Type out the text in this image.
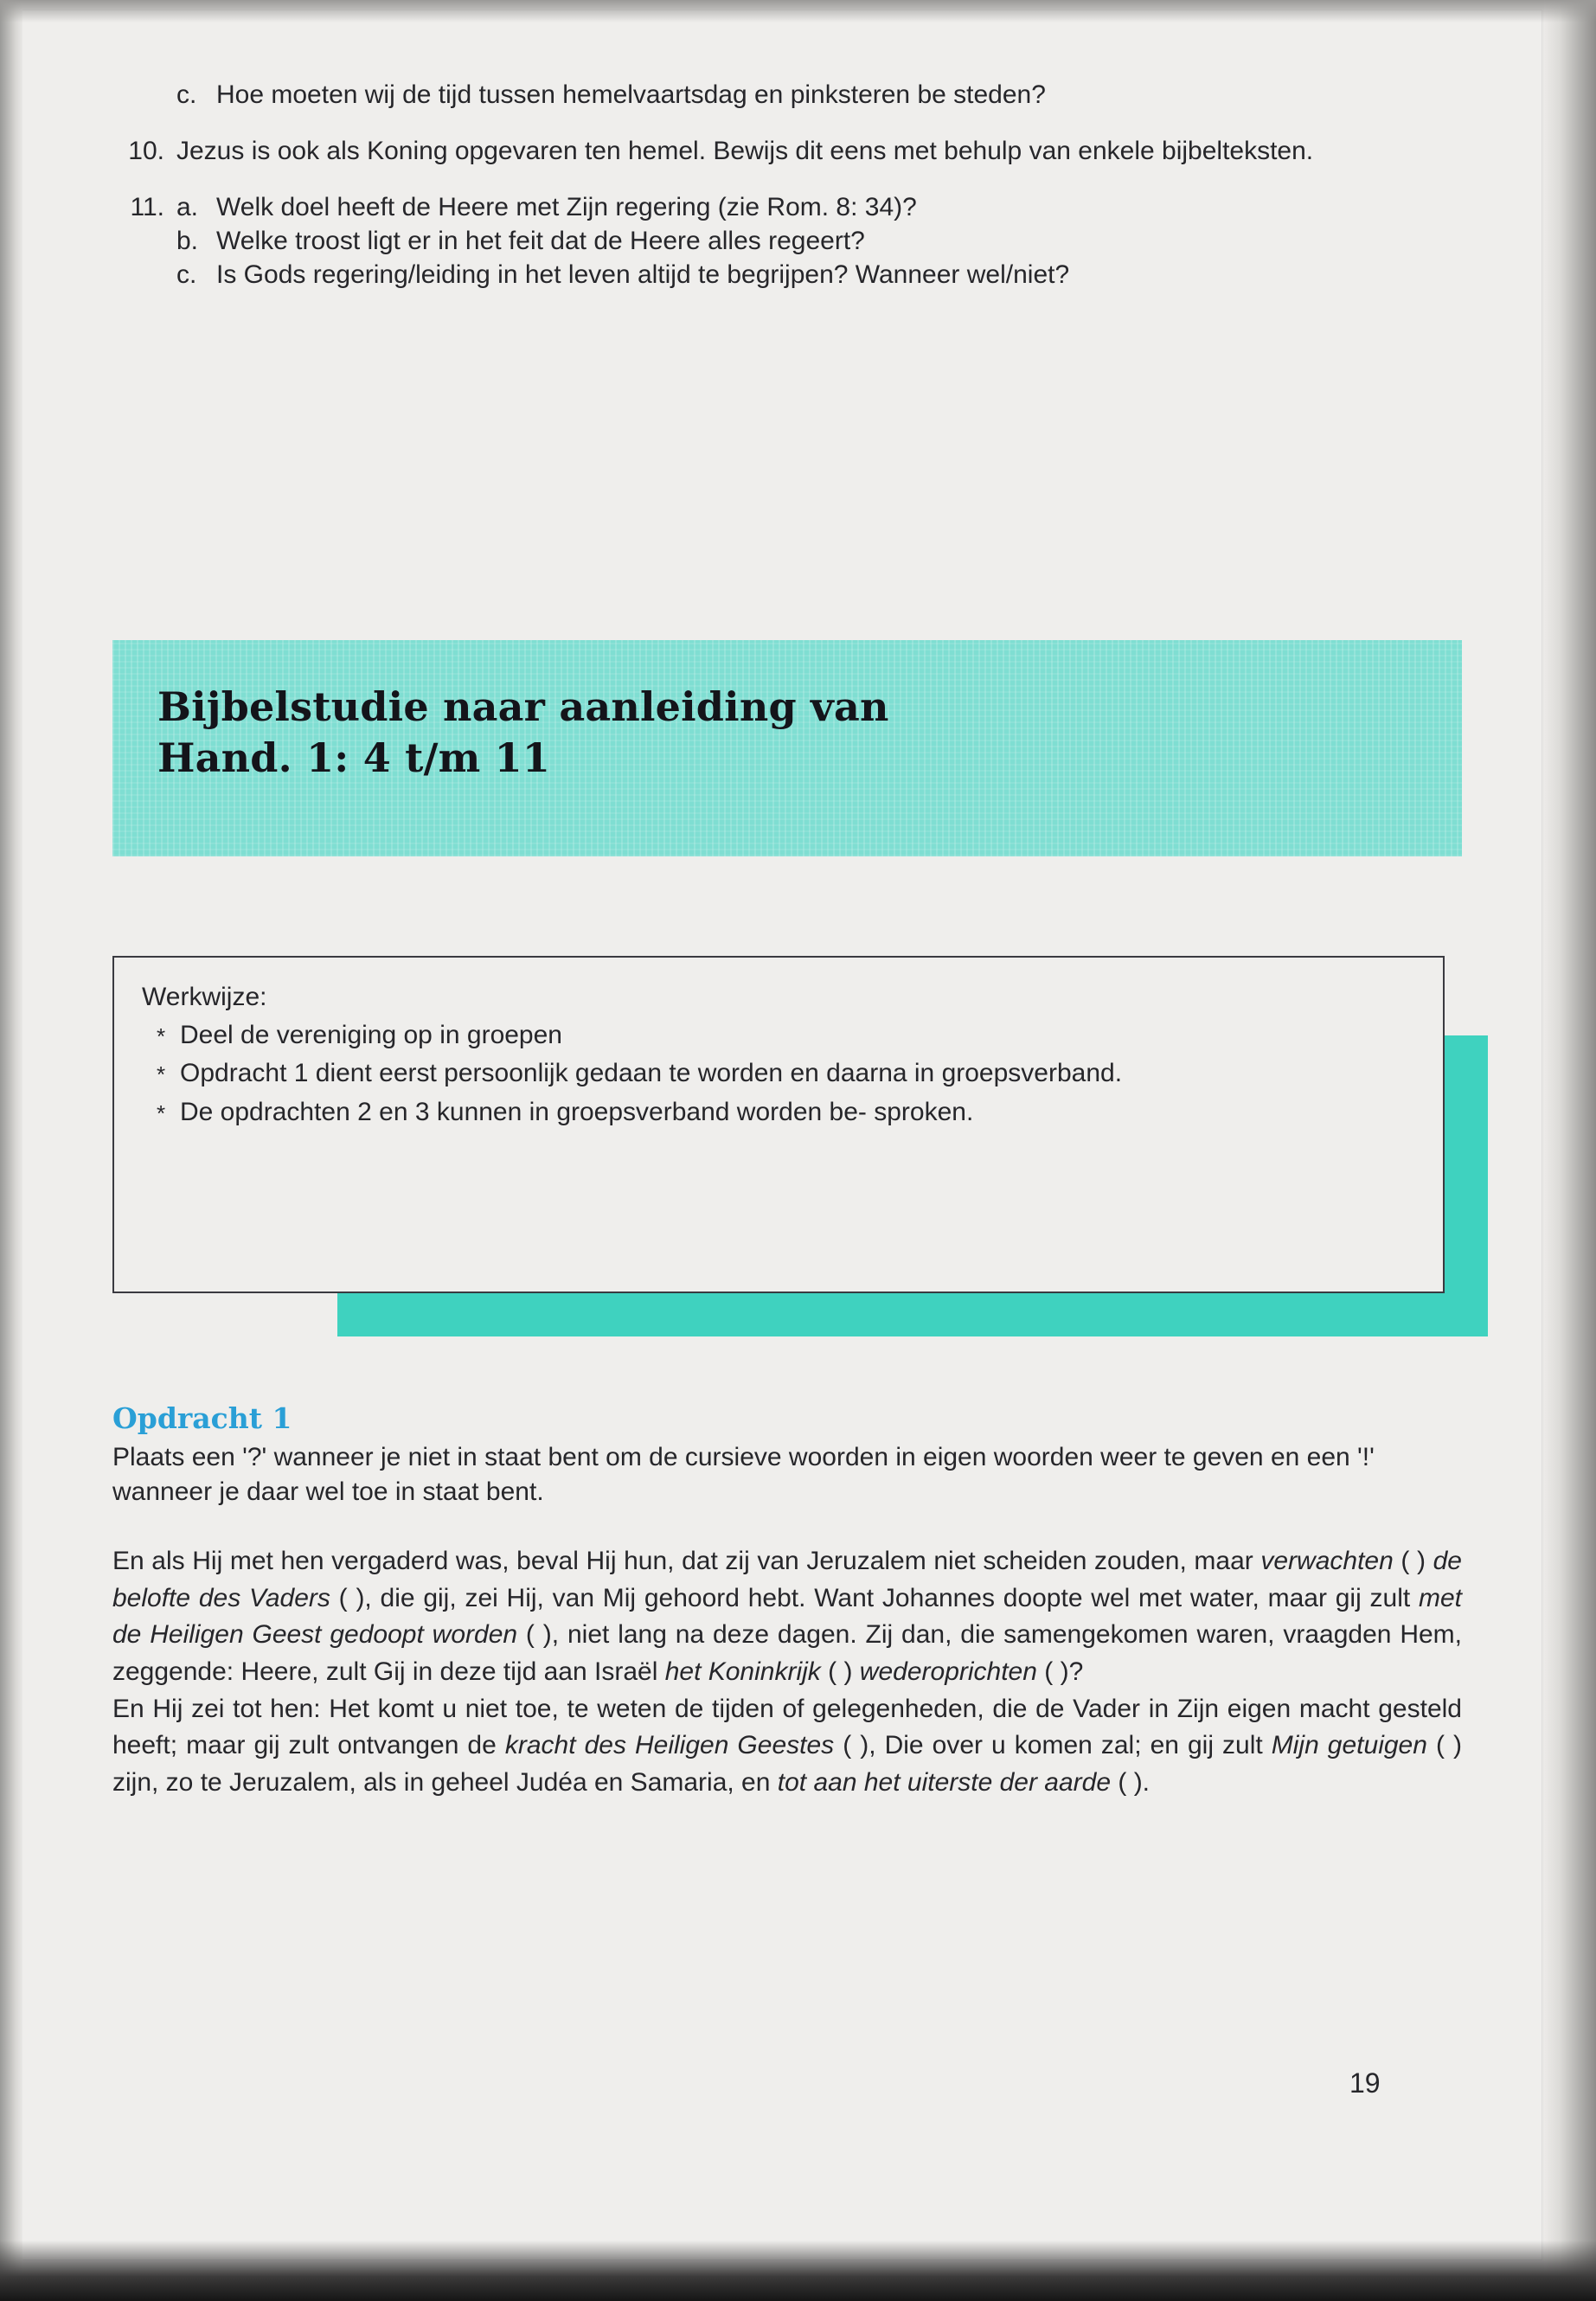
c. Hoe moeten wij de tijd tussen hemelvaartsdag en pinksteren be steden?
10. Jezus is ook als Koning opgevaren ten hemel. Bewijs dit eens met behulp van enkele bijbelteksten.
11. a. Welk doel heeft de Heere met Zijn regering (zie Rom. 8: 34)?
b. Welke troost ligt er in het feit dat de Heere alles regeert?
c. Is Gods regering/leiding in het leven altijd te begrijpen? Wanneer wel/niet?
Bijbelstudie naar aanleiding van
Hand. 1: 4 t/m 11
Werkwijze:
* Deel de vereniging op in groepen
* Opdracht 1 dient eerst persoonlijk gedaan te worden en daarna in groepsverband.
* De opdrachten 2 en 3 kunnen in groepsverband worden be- sproken.
Opdracht 1
Plaats een '?' wanneer je niet in staat bent om de cursieve woorden in eigen woorden weer te geven en een '!' wanneer je daar wel toe in staat bent.
En als Hij met hen vergaderd was, beval Hij hun, dat zij van Jeruzalem niet scheiden zouden, maar verwachten ( ) de belofte des Vaders ( ), die gij, zei Hij, van Mij gehoord hebt. Want Johannes doopte wel met water, maar gij zult met de Heiligen Geest gedoopt worden ( ), niet lang na deze dagen. Zij dan, die samengekomen waren, vraagden Hem, zeggende: Heere, zult Gij in deze tijd aan Israël het Koninkrijk ( ) wederoprichten ( )?
En Hij zei tot hen: Het komt u niet toe, te weten de tijden of gelegenheden, die de Vader in Zijn eigen macht gesteld heeft; maar gij zult ontvangen de kracht des Heiligen Geestes ( ), Die over u komen zal; en gij zult Mijn getuigen ( ) zijn, zo te Jeruzalem, als in geheel Judéa en Samaria, en tot aan het uiterste der aarde ( ).
19
